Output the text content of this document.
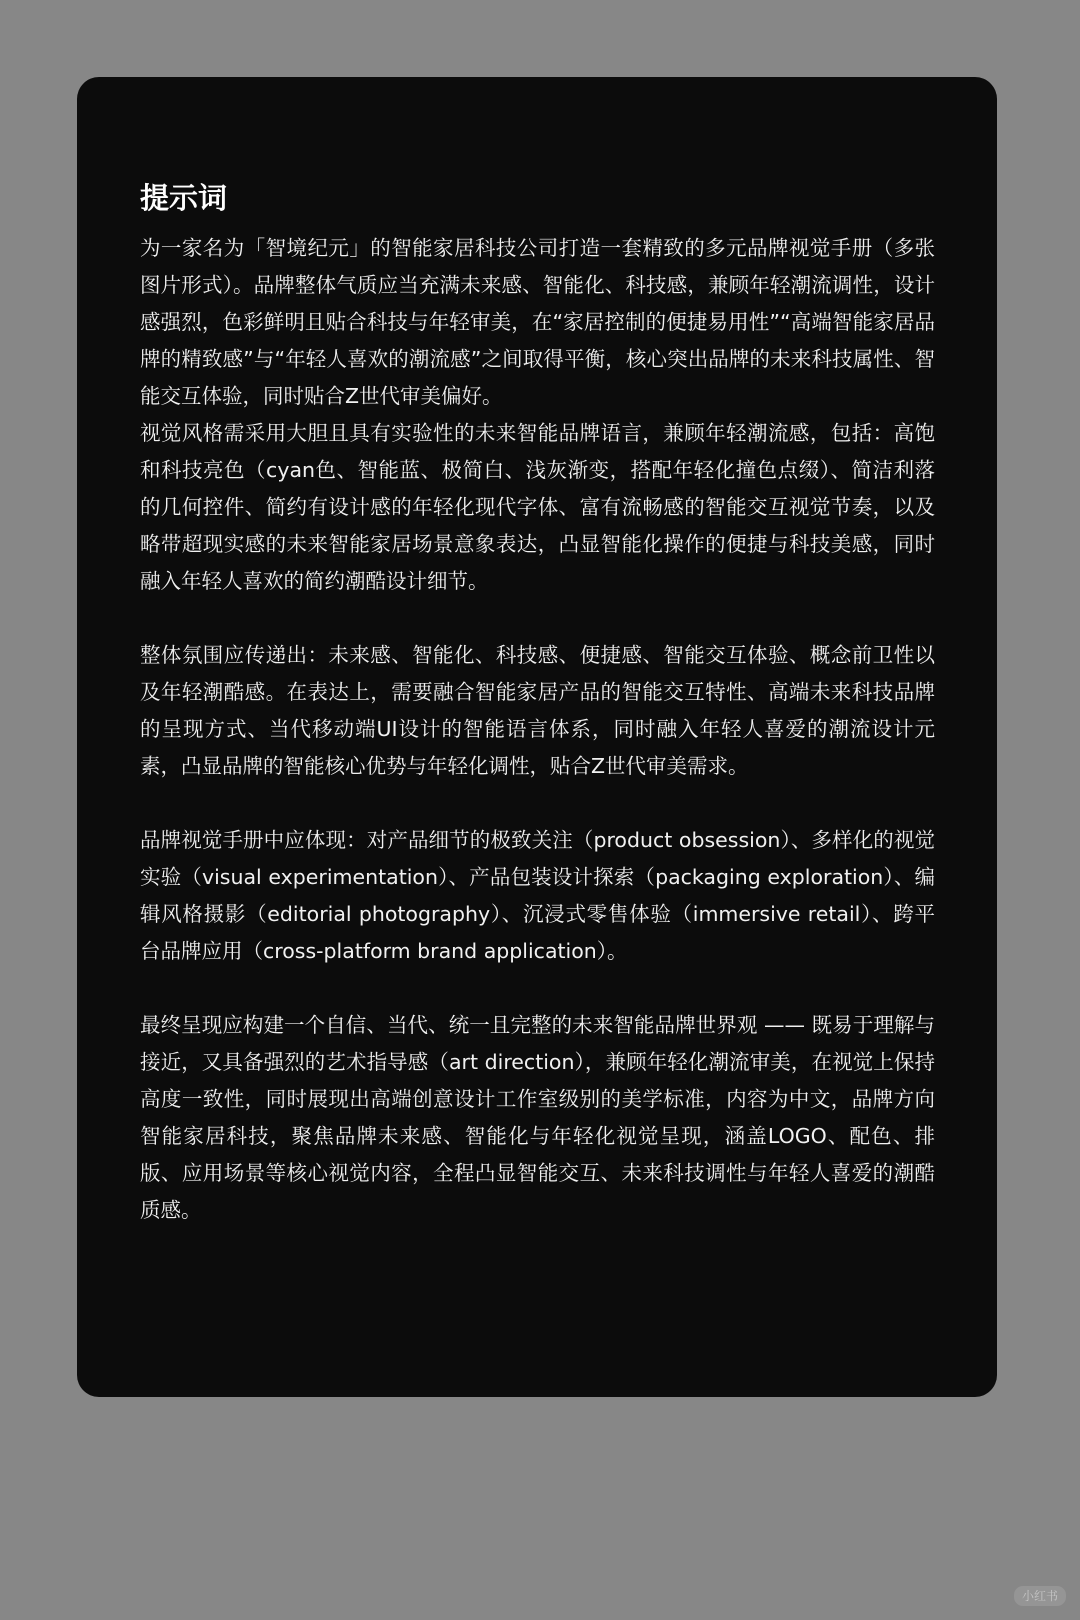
提示词

为一家名为「智境纪元」的智能家居科技公司打造一套精致的多元品牌视觉手册（多张图片形式）。品牌整体气质应当充满未来感、智能化、科技感，兼顾年轻潮流调性，设计感强烈，色彩鲜明且贴合科技与年轻审美，在“家居控制的便捷易用性”“高端智能家居品牌的精致感”与“年轻人喜欢的潮流感”之间取得平衡，核心突出品牌的未来科技属性、智能交互体验，同时贴合Z世代审美偏好。

视觉风格需采用大胆且具有实验性的未来智能品牌语言，兼顾年轻潮流感，包括：高饱和科技亮色（cyan色、智能蓝、极简白、浅灰渐变，搭配年轻化撞色点缀）、简洁利落的几何控件、简约有设计感的年轻化现代字体、富有流畅感的智能交互视觉节奏，以及略带超现实感的未来智能家居场景意象表达，凸显智能化操作的便捷与科技美感，同时融入年轻人喜欢的简约潮酷设计细节。

整体氛围应传递出：未来感、智能化、科技感、便捷感、智能交互体验、概念前卫性以及年轻潮酷感。在表达上，需要融合智能家居产品的智能交互特性、高端未来科技品牌的呈现方式、当代移动端UI设计的智能语言体系，同时融入年轻人喜爱的潮流设计元素，凸显品牌的智能核心优势与年轻化调性，贴合Z世代审美需求。

品牌视觉手册中应体现：对产品细节的极致关注（product obsession）、多样化的视觉实验（visual experimentation）、产品包装设计探索（packaging exploration）、编辑风格摄影（editorial photography）、沉浸式零售体验（immersive retail）、跨平台品牌应用（cross-platform brand application）。

最终呈现应构建一个自信、当代、统一且完整的未来智能品牌世界观 —— 既易于理解与接近，又具备强烈的艺术指导感（art direction），兼顾年轻化潮流审美，在视觉上保持高度一致性，同时展现出高端创意设计工作室级别的美学标准，内容为中文，品牌方向智能家居科技，聚焦品牌未来感、智能化与年轻化视觉呈现，涵盖LOGO、配色、排版、应用场景等核心视觉内容，全程凸显智能交互、未来科技调性与年轻人喜爱的潮酷质感。

小红书
